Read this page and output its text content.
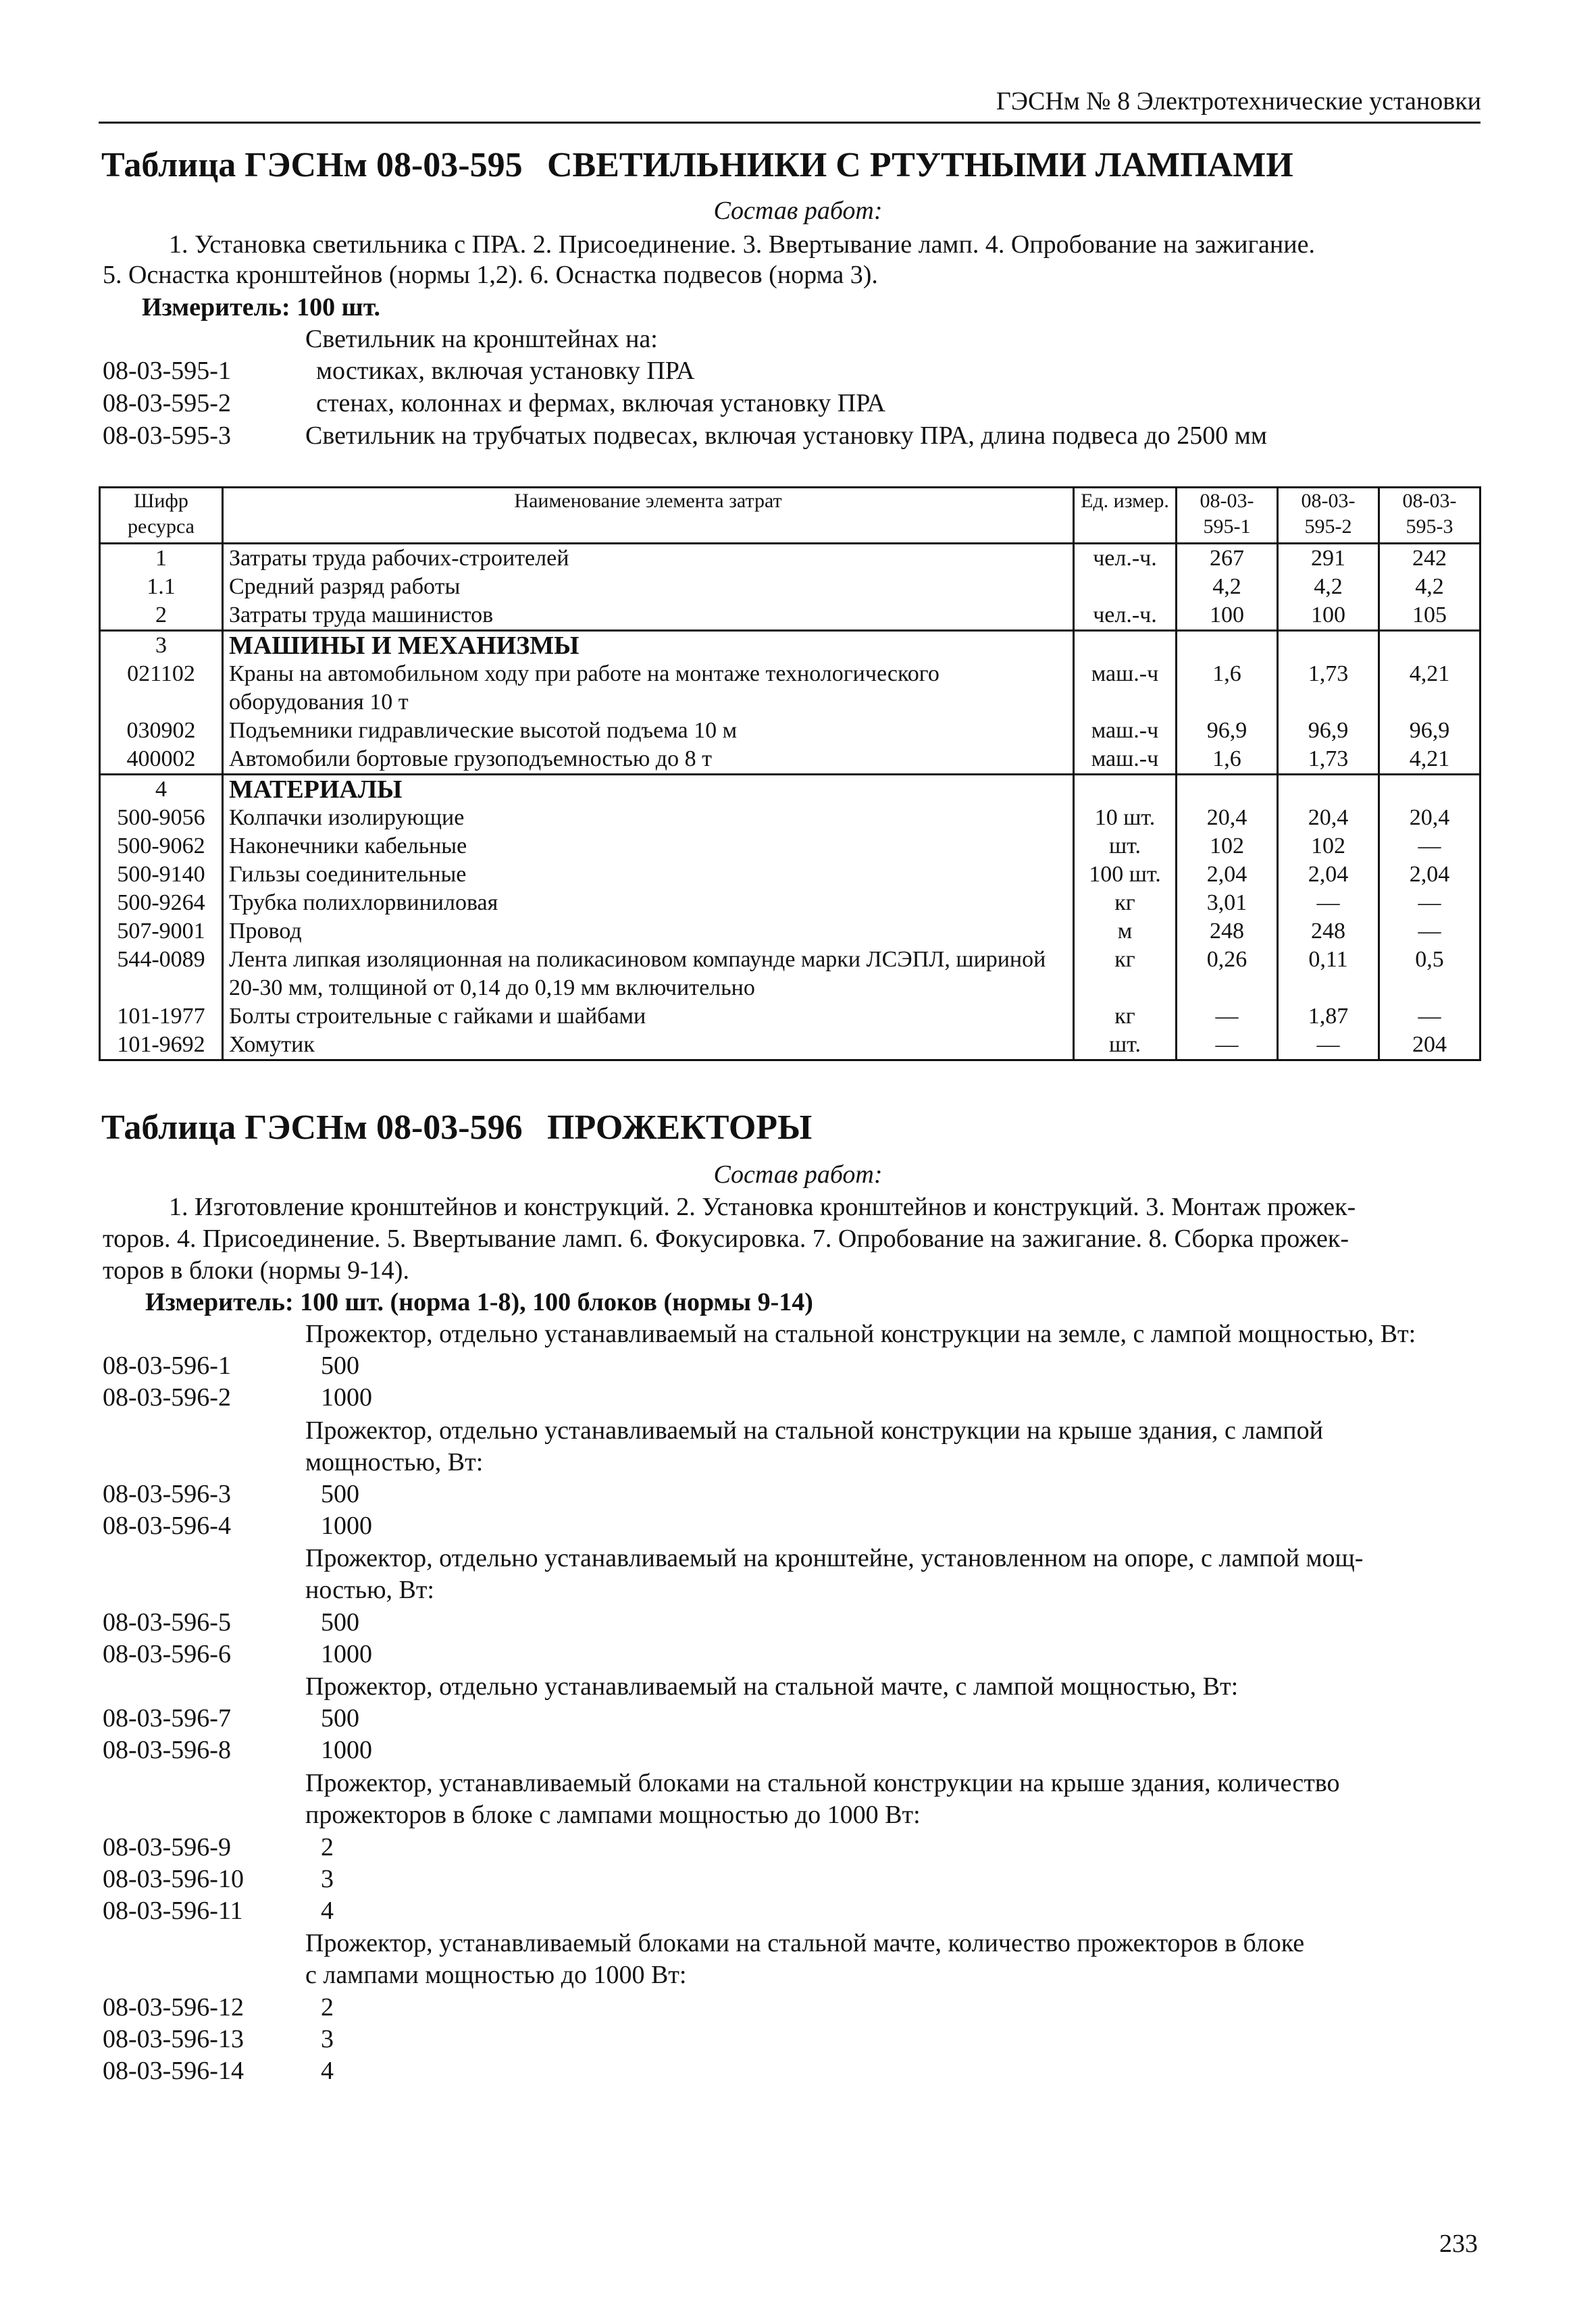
ГЭСНм № 8 Электротехнические установки
Таблица ГЭСНм 08-03-595 СВЕТИЛЬНИКИ С РТУТНЫМИ ЛАМПАМИ
Состав работ:
1. Установка светильника с ПРА. 2. Присоединение. 3. Ввертывание ламп. 4. Опробование на зажигание.
5. Оснастка кронштейнов (нормы 1,2). 6. Оснастка подвесов (норма 3).
Измеритель: 100 шт.
Светильник на кронштейнах на:
08-03-595-1	мостиках, включая установку ПРА
08-03-595-2	стенах, колоннах и фермах, включая установку ПРА
08-03-595-3	Светильник на трубчатых подвесах, включая установку ПРА, длина подвеса до 2500 мм
Шифр ресурса	Наименование элемента затрат	Ед. измер.	08-03-595-1	08-03-595-2	08-03-595-3
1	Затраты труда рабочих-строителей	чел.-ч.	267	291	242
1.1	Средний разряд работы		4,2	4,2	4,2
2	Затраты труда машинистов	чел.-ч.	100	100	105
3	МАШИНЫ И МЕХАНИЗМЫ				
021102	Краны на автомобильном ходу при работе на монтаже технологического оборудования 10 т	маш.-ч	1,6	1,73	4,21
030902	Подъемники гидравлические высотой подъема 10 м	маш.-ч	96,9	96,9	96,9
400002	Автомобили бортовые грузоподъемностью до 8 т	маш.-ч	1,6	1,73	4,21
4	МАТЕРИАЛЫ				
500-9056	Колпачки изолирующие	10 шт.	20,4	20,4	20,4
500-9062	Наконечники кабельные	шт.	102	102	—
500-9140	Гильзы соединительные	100 шт.	2,04	2,04	2,04
500-9264	Трубка полихлорвиниловая	кг	3,01	—	—
507-9001	Провод	м	248	248	—
544-0089	Лента липкая изоляционная на поликасиновом компаунде марки ЛСЭПЛ, шириной 20-30 мм, толщиной от 0,14 до 0,19 мм включительно	кг	0,26	0,11	0,5
101-1977	Болты строительные с гайками и шайбами	кг	—	1,87	—
101-9692	Хомутик	шт.	—	—	204
Таблица ГЭСНм 08-03-596 ПРОЖЕКТОРЫ
Состав работ:
1. Изготовление кронштейнов и конструкций. 2. Установка кронштейнов и конструкций. 3. Монтаж прожек-
торов. 4. Присоединение. 5. Ввертывание ламп. 6. Фокусировка. 7. Опробование на зажигание. 8. Сборка прожек-
торов в блоки (нормы 9-14).
Измеритель: 100 шт. (норма 1-8), 100 блоков (нормы 9-14)
Прожектор, отдельно устанавливаемый на стальной конструкции на земле, с лампой мощностью, Вт:
08-03-596-1	500
08-03-596-2	1000
Прожектор, отдельно устанавливаемый на стальной конструкции на крыше здания, с лампой
мощностью, Вт:
08-03-596-3	500
08-03-596-4	1000
Прожектор, отдельно устанавливаемый на кронштейне, установленном на опоре, с лампой мощ-
ностью, Вт:
08-03-596-5	500
08-03-596-6	1000
Прожектор, отдельно устанавливаемый на стальной мачте, с лампой мощностью, Вт:
08-03-596-7	500
08-03-596-8	1000
Прожектор, устанавливаемый блоками на стальной конструкции на крыше здания, количество
прожекторов в блоке с лампами мощностью до 1000 Вт:
08-03-596-9	2
08-03-596-10	3
08-03-596-11	4
Прожектор, устанавливаемый блоками на стальной мачте, количество прожекторов в блоке
с лампами мощностью до 1000 Вт:
08-03-596-12	2
08-03-596-13	3
08-03-596-14	4
233
